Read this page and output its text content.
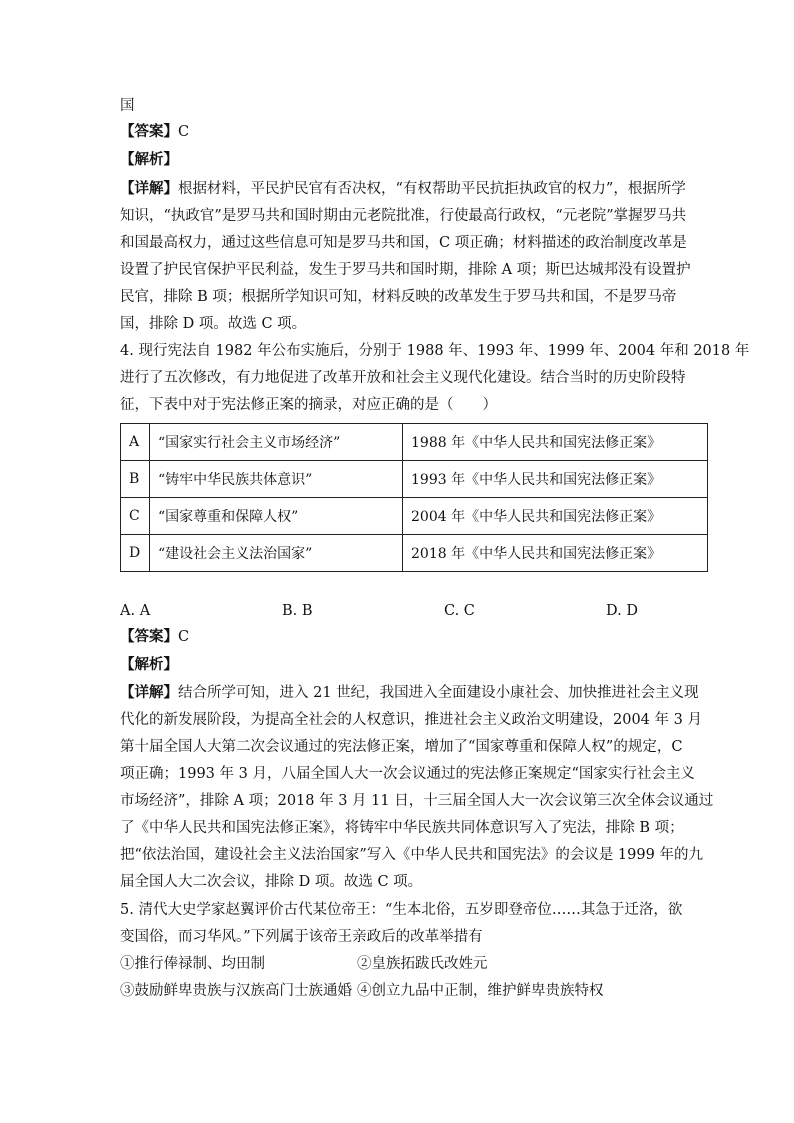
国
【答案】C
【解析】
【详解】根据材料，平民护民官有否决权，“有权帮助平民抗拒执政官的权力”，根据所学
知识，“执政官”是罗马共和国时期由元老院批准，行使最高行政权，“元老院”掌握罗马共
和国最高权力，通过这些信息可知是罗马共和国，C 项正确；材料描述的政治制度改革是
设置了护民官保护平民利益，发生于罗马共和国时期，排除 A 项；斯巴达城邦没有设置护
民官，排除 B 项；根据所学知识可知，材料反映的改革发生于罗马共和国，不是罗马帝
国，排除 D 项。故选 C 项。
4. 现行宪法自 1982 年公布实施后，分别于 1988 年、1993 年、1999 年、2004 年和 2018 年
进行了五次修改，有力地促进了改革开放和社会主义现代化建设。结合当时的历史阶段特
征，下表中对于宪法修正案的摘录，对应正确的是（　　）
A	“国家实行社会主义市场经济”	1988 年《中华人民共和国宪法修正案》
B	“铸牢中华民族共体意识”	1993 年《中华人民共和国宪法修正案》
C	“国家尊重和保障人权”	2004 年《中华人民共和国宪法修正案》
D	“建设社会主义法治国家”	2018 年《中华人民共和国宪法修正案》
A. A	B. B	C. C	D. D
【答案】C
【解析】
【详解】结合所学可知，进入 21 世纪，我国进入全面建设小康社会、加快推进社会主义现
代化的新发展阶段，为提高全社会的人权意识，推进社会主义政治文明建设，2004 年 3 月
第十届全国人大第二次会议通过的宪法修正案，增加了“国家尊重和保障人权”的规定，C
项正确；1993 年 3 月，八届全国人大一次会议通过的宪法修正案规定“国家实行社会主义
市场经济”，排除 A 项；2018 年 3 月 11 日，十三届全国人大一次会议第三次全体会议通过
了《中华人民共和国宪法修正案》，将铸牢中华民族共同体意识写入了宪法，排除 B 项；
把“依法治国，建设社会主义法治国家”写入《中华人民共和国宪法》的会议是 1999 年的九
届全国人大二次会议，排除 D 项。故选 C 项。
5. 清代大史学家赵翼评价古代某位帝王：“生本北俗，五岁即登帝位……其急于迁洛，欲
变国俗，而习华风。”下列属于该帝王亲政后的改革举措有
①推行俸禄制、均田制	②皇族拓跋氏改姓元
③鼓励鲜卑贵族与汉族高门士族通婚 ④创立九品中正制，维护鲜卑贵族特权
